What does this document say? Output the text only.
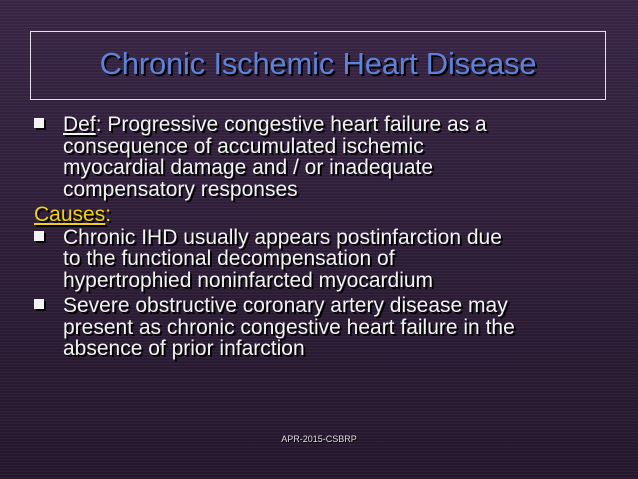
Chronic Ischemic Heart Disease

Def: Progressive congestive heart failure as a
consequence of accumulated ischemic
myocardial damage and / or inadequate
compensatory responses

Causes:

Chronic IHD usually appears postinfarction due
to the functional decompensation of
hypertrophied noninfarcted myocardium

Severe obstructive coronary artery disease may
present as chronic congestive heart failure in the
absence of prior infarction

APR-2015-CSBRP
